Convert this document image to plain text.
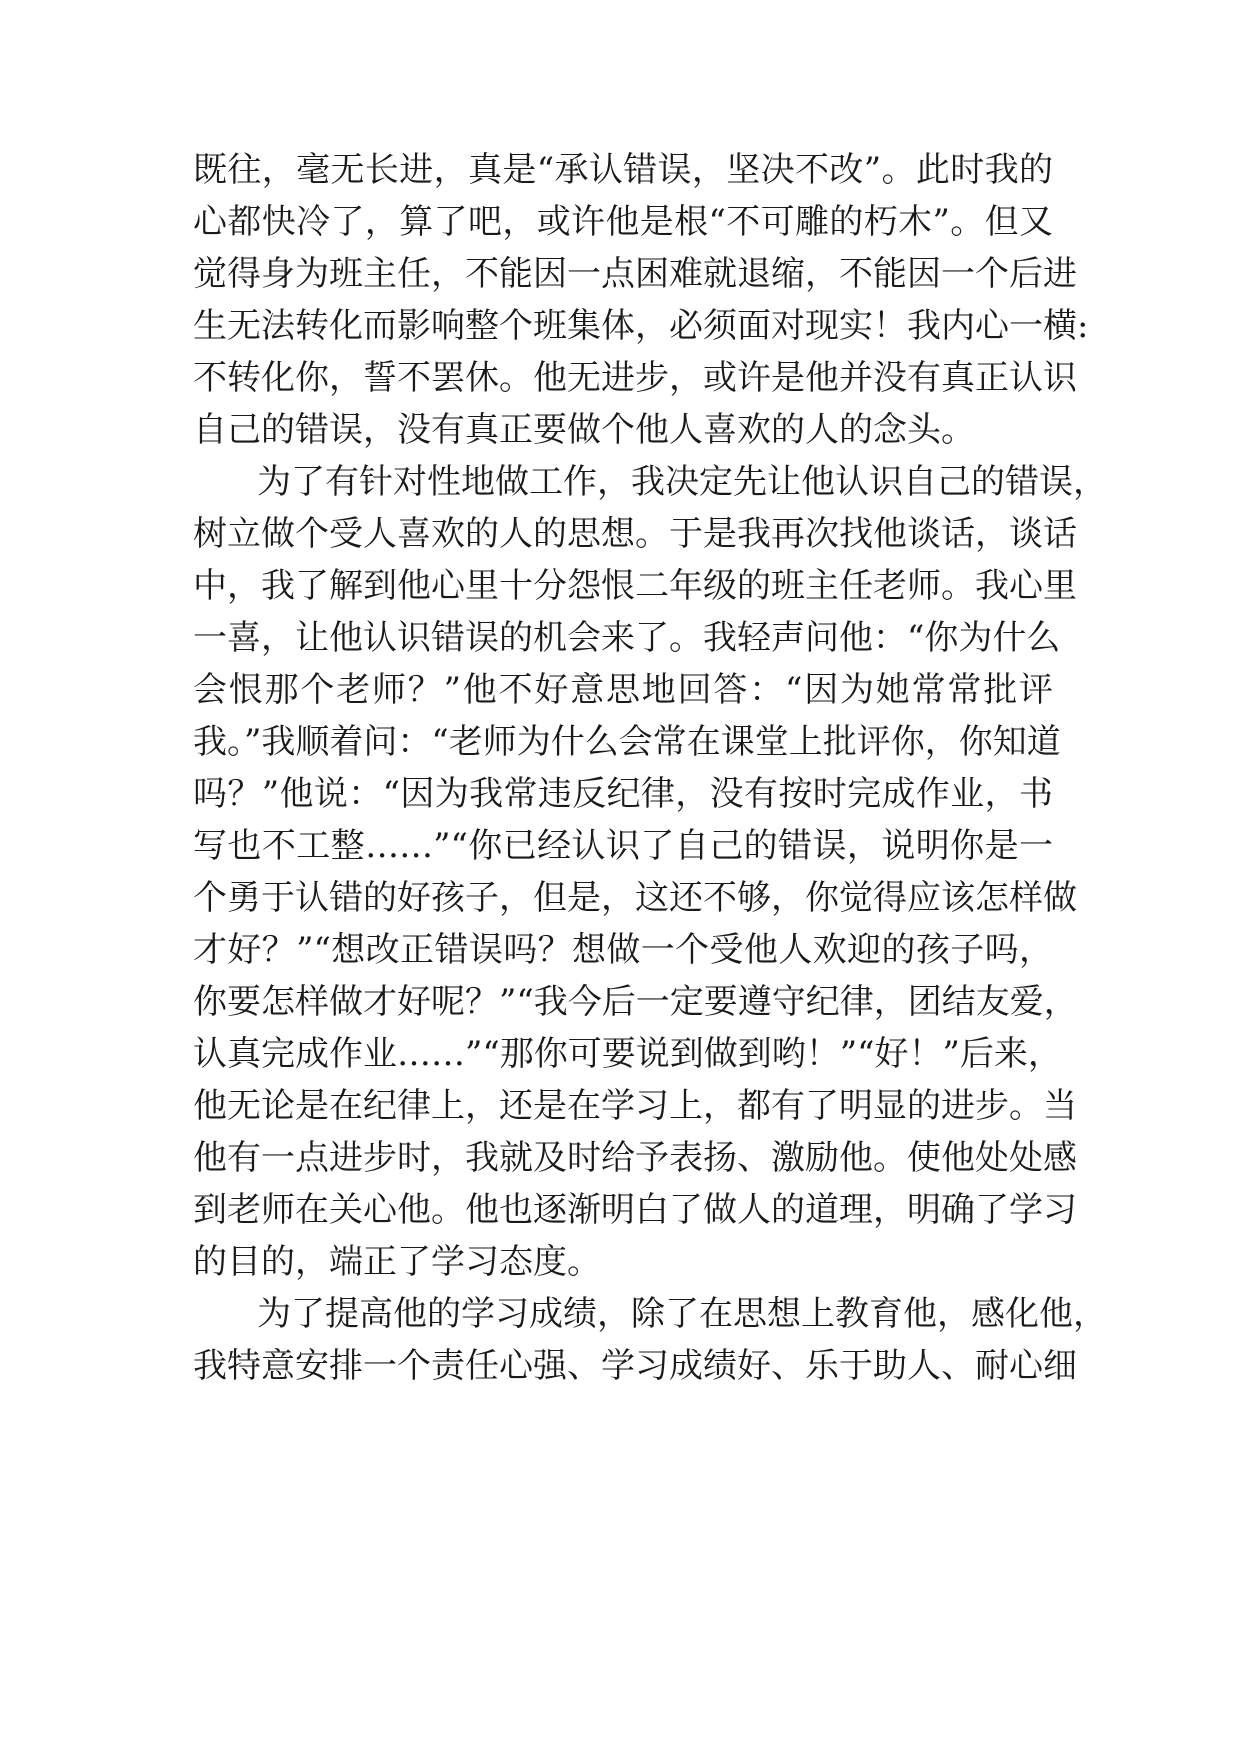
既往，毫无长进，真是“承认错误，坚决不改”。此时我的
心都快冷了，算了吧，或许他是根“不可雕的朽木”。但又
觉得身为班主任，不能因一点困难就退缩，不能因一个后进
生无法转化而影响整个班集体，必须面对现实！我内心一横:
不转化你，誓不罢休。他无进步，或许是他并没有真正认识
自己的错误，没有真正要做个他人喜欢的人的念头。
为了有针对性地做工作，我决定先让他认识自己的错误，
树立做个受人喜欢的人的思想。于是我再次找他谈话，谈话
中，我了解到他心里十分怨恨二年级的班主任老师。我心里
一喜，让他认识错误的机会来了。我轻声问他：“你为什么
会恨那个老师？”他不好意思地回答：“因为她常常批评
我。”我顺着问：“老师为什么会常在课堂上批评你，你知道
吗？”他说：“因为我常违反纪律，没有按时完成作业，书
写也不工整……”“你已经认识了自己的错误，说明你是一
个勇于认错的好孩子，但是，这还不够，你觉得应该怎样做
才好？”“想改正错误吗？想做一个受他人欢迎的孩子吗，
你要怎样做才好呢？”“我今后一定要遵守纪律，团结友爱，
认真完成作业……”“那你可要说到做到哟！”“好！”后来，
他无论是在纪律上，还是在学习上，都有了明显的进步。当
他有一点进步时，我就及时给予表扬、激励他。使他处处感
到老师在关心他。他也逐渐明白了做人的道理，明确了学习
的目的，端正了学习态度。
为了提高他的学习成绩，除了在思想上教育他，感化他，
我特意安排一个责任心强、学习成绩好、乐于助人、耐心细
